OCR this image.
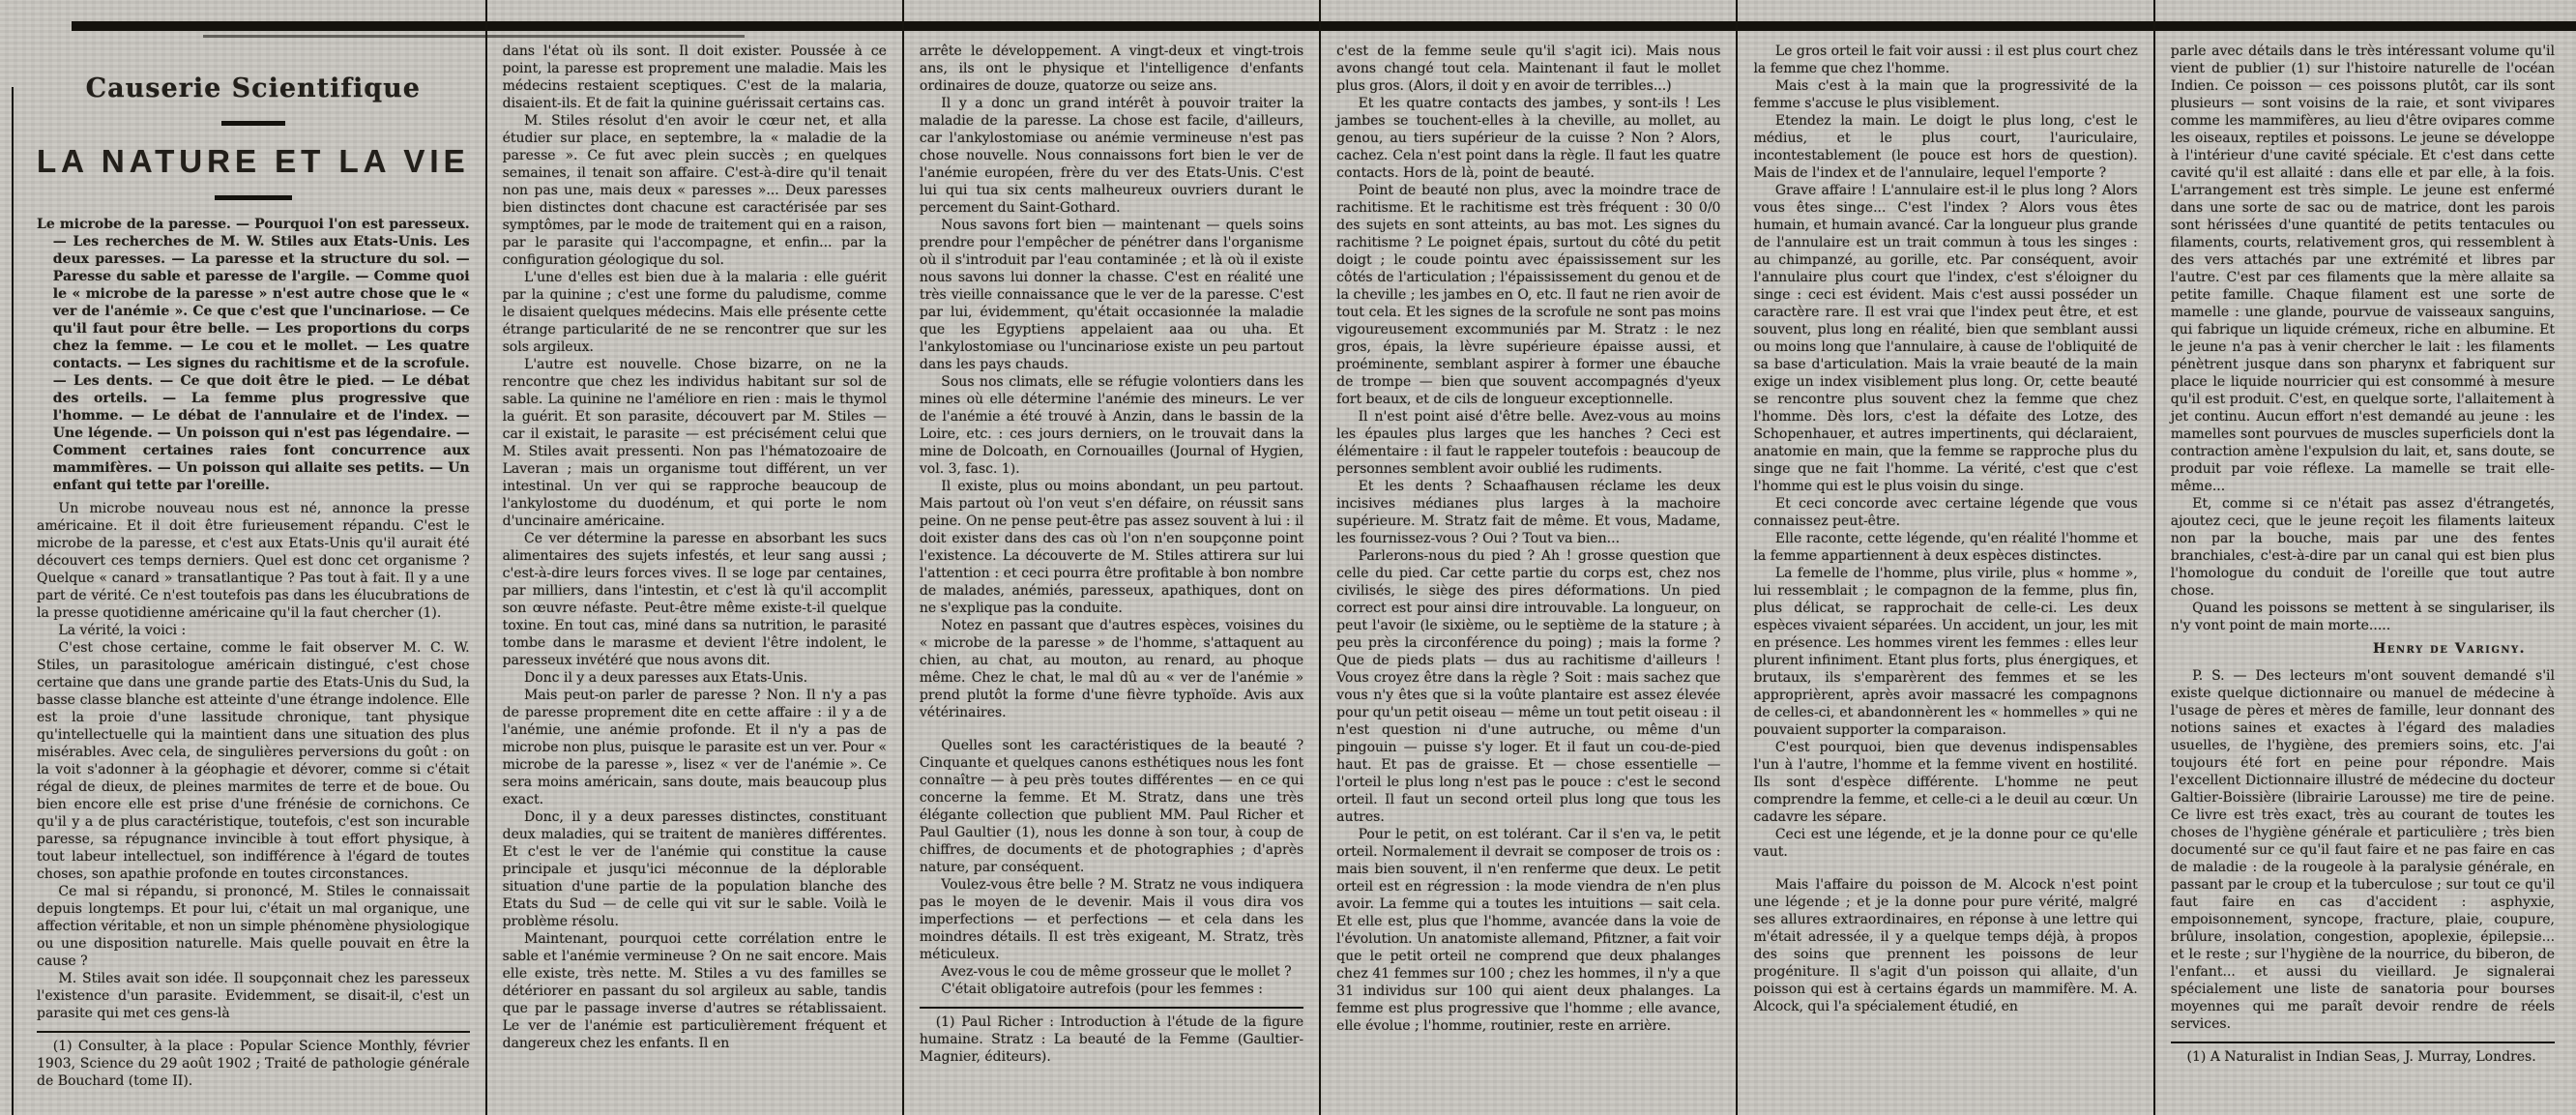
Causerie Scientifique
LA NATURE ET LA VIE

Le microbe de la paresse. — Pourquoi l'on est paresseux. — Les recherches de M. W. Stiles aux Etats-Unis. Les deux paresses. — La paresse et la structure du sol. — Paresse du sable et paresse de l'argile. — Comme quoi le « microbe de la paresse » n'est autre chose que le « ver de l'anémie ». Ce que c'est que l'uncinariose. — Ce qu'il faut pour être belle. — Les proportions du corps chez la femme. — Le cou et le mollet. — Les quatre contacts. — Les signes du rachitisme et de la scrofule. — Les dents. — Ce que doit être le pied. — Le débat des orteils. — La femme plus progressive que l'homme. — Le débat de l'annulaire et de l'index. — Une légende. — Un poisson qui n'est pas légendaire. — Comment certaines raies font concurrence aux mammifères. — Un poisson qui allaite ses petits. — Un enfant qui tette par l'oreille.

Un microbe nouveau nous est né, annonce la presse américaine. Et il doit être furieusement répandu. C'est le microbe de la paresse, et c'est aux Etats-Unis qu'il aurait été découvert ces temps derniers. Quel est donc cet organisme ? Quelque « canard » transatlantique ? Pas tout à fait. Il y a une part de vérité. Ce n'est toutefois pas dans les élucubrations de la presse quotidienne américaine qu'il la faut chercher (1).

La vérité, la voici :

C'est chose certaine, comme le fait observer M. C. W. Stiles, un parasitologue américain distingué, c'est chose certaine que dans une grande partie des Etats-Unis du Sud, la basse classe blanche est atteinte d'une étrange indolence. Elle est la proie d'une lassitude chronique, tant physique qu'intellectuelle qui la maintient dans une situation des plus misérables. Avec cela, de singulières perversions du goût : on la voit s'adonner à la géophagie et dévorer, comme si c'était régal de dieux, de pleines marmites de terre et de boue. Ou bien encore elle est prise d'une frénésie de cornichons. Ce qu'il y a de plus caractéristique, toutefois, c'est son incurable paresse, sa répugnance invincible à tout effort physique, à tout labeur intellectuel, son indifférence à l'égard de toutes choses, son apathie profonde en toutes circonstances.

Ce mal si répandu, si prononcé, M. Stiles le connaissait depuis longtemps. Et pour lui, c'était un mal organique, une affection véritable, et non un simple phénomène physiologique ou une disposition naturelle. Mais quelle pouvait en être la cause ?

M. Stiles avait son idée. Il soupçonnait chez les paresseux l'existence d'un parasite. Evidemment, se disait-il, c'est un parasite qui met ces gens-là

(1) Consulter, à la place : Popular Science Monthly, février 1903, Science du 29 août 1902 ; Traité de pathologie générale de Bouchard (tome II).

dans l'état où ils sont. Il doit exister. Poussée à ce point, la paresse est proprement une maladie. Mais les médecins restaient sceptiques. C'est de la malaria, disaient-ils. Et de fait la quinine guérissait certains cas.

M. Stiles résolut d'en avoir le cœur net, et alla étudier sur place, en septembre, la « maladie de la paresse ». Ce fut avec plein succès ; en quelques semaines, il tenait son affaire. C'est-à-dire qu'il tenait non pas une, mais deux « paresses »... Deux paresses bien distinctes dont chacune est caractérisée par ses symptômes, par le mode de traitement qui en a raison, par le parasite qui l'accompagne, et enfin... par la configuration géologique du sol.

L'une d'elles est bien due à la malaria : elle guérit par la quinine ; c'est une forme du paludisme, comme le disaient quelques médecins. Mais elle présente cette étrange particularité de ne se rencontrer que sur les sols argileux.

L'autre est nouvelle. Chose bizarre, on ne la rencontre que chez les individus habitant sur sol de sable. La quinine ne l'améliore en rien : mais le thymol la guérit. Et son parasite, découvert par M. Stiles — car il existait, le parasite — est précisément celui que M. Stiles avait pressenti. Non pas l'hématozoaire de Laveran ; mais un organisme tout différent, un ver intestinal. Un ver qui se rapproche beaucoup de l'ankylostome du duodénum, et qui porte le nom d'uncinaire américaine.

Ce ver détermine la paresse en absorbant les sucs alimentaires des sujets infestés, et leur sang aussi ; c'est-à-dire leurs forces vives. Il se loge par centaines, par milliers, dans l'intestin, et c'est là qu'il accomplit son œuvre néfaste. Peut-être même existe-t-il quelque toxine. En tout cas, miné dans sa nutrition, le parasité tombe dans le marasme et devient l'être indolent, le paresseux invétéré que nous avons dit.

Donc il y a deux paresses aux Etats-Unis.

Mais peut-on parler de paresse ? Non. Il n'y a pas de paresse proprement dite en cette affaire : il y a de l'anémie, une anémie profonde. Et il n'y a pas de microbe non plus, puisque le parasite est un ver. Pour « microbe de la paresse », lisez « ver de l'anémie ». Ce sera moins américain, sans doute, mais beaucoup plus exact.

Donc, il y a deux paresses distinctes, constituant deux maladies, qui se traitent de manières différentes. Et c'est le ver de l'anémie qui constitue la cause principale et jusqu'ici méconnue de la déplorable situation d'une partie de la population blanche des Etats du Sud — de celle qui vit sur le sable. Voilà le problème résolu.

Maintenant, pourquoi cette corrélation entre le sable et l'anémie vermineuse ? On ne sait encore. Mais elle existe, très nette. M. Stiles a vu des familles se détériorer en passant du sol argileux au sable, tandis que par le passage inverse d'autres se rétablissaient. Le ver de l'anémie est particulièrement fréquent et dangereux chez les enfants. Il en

arrête le développement. A vingt-deux et vingt-trois ans, ils ont le physique et l'intelligence d'enfants ordinaires de douze, quatorze ou seize ans.

Il y a donc un grand intérêt à pouvoir traiter la maladie de la paresse. La chose est facile, d'ailleurs, car l'ankylostomiase ou anémie vermineuse n'est pas chose nouvelle. Nous connaissons fort bien le ver de l'anémie européen, frère du ver des Etats-Unis. C'est lui qui tua six cents malheureux ouvriers durant le percement du Saint-Gothard.

Nous savons fort bien — maintenant — quels soins prendre pour l'empêcher de pénétrer dans l'organisme où il s'introduit par l'eau contaminée ; et là où il existe nous savons lui donner la chasse. C'est en réalité une très vieille connaissance que le ver de la paresse. C'est par lui, évidemment, qu'était occasionnée la maladie que les Egyptiens appelaient aaa ou uha. Et l'ankylostomiase ou l'uncinariose existe un peu partout dans les pays chauds.

Sous nos climats, elle se réfugie volontiers dans les mines où elle détermine l'anémie des mineurs. Le ver de l'anémie a été trouvé à Anzin, dans le bassin de la Loire, etc. : ces jours derniers, on le trouvait dans la mine de Dolcoath, en Cornouailles (Journal of Hygien, vol. 3, fasc. 1).

Il existe, plus ou moins abondant, un peu partout. Mais partout où l'on veut s'en défaire, on réussit sans peine. On ne pense peut-être pas assez souvent à lui : il doit exister dans des cas où l'on n'en soupçonne point l'existence. La découverte de M. Stiles attirera sur lui l'attention : et ceci pourra être profitable à bon nombre de malades, anémiés, paresseux, apathiques, dont on ne s'explique pas la conduite.

Notez en passant que d'autres espèces, voisines du « microbe de la paresse » de l'homme, s'attaquent au chien, au chat, au mouton, au renard, au phoque même. Chez le chat, le mal dû au « ver de l'anémie » prend plutôt la forme d'une fièvre typhoïde. Avis aux vétérinaires.

Quelles sont les caractéristiques de la beauté ? Cinquante et quelques canons esthétiques nous les font connaître — à peu près toutes différentes — en ce qui concerne la femme. Et M. Stratz, dans une très élégante collection que publient MM. Paul Richer et Paul Gaultier (1), nous les donne à son tour, à coup de chiffres, de documents et de photographies ; d'après nature, par conséquent.

Voulez-vous être belle ? M. Stratz ne vous indiquera pas le moyen de le devenir. Mais il vous dira vos imperfections — et perfections — et cela dans les moindres détails. Il est très exigeant, M. Stratz, très méticuleux.

Avez-vous le cou de même grosseur que le mollet ?

C'était obligatoire autrefois (pour les femmes :

(1) Paul Richer : Introduction à l'étude de la figure humaine. Stratz : La beauté de la Femme (Gaultier-Magnier, éditeurs).

c'est de la femme seule qu'il s'agit ici). Mais nous avons changé tout cela. Maintenant il faut le mollet plus gros. (Alors, il doit y en avoir de terribles...)

Et les quatre contacts des jambes, y sont-ils ! Les jambes se touchent-elles à la cheville, au mollet, au genou, au tiers supérieur de la cuisse ? Non ? Alors, cachez. Cela n'est point dans la règle. Il faut les quatre contacts. Hors de là, point de beauté.

Point de beauté non plus, avec la moindre trace de rachitisme. Et le rachitisme est très fréquent : 30 0/0 des sujets en sont atteints, au bas mot. Les signes du rachitisme ? Le poignet épais, surtout du côté du petit doigt ; le coude pointu avec épaississement sur les côtés de l'articulation ; l'épaississement du genou et de la cheville ; les jambes en O, etc. Il faut ne rien avoir de tout cela. Et les signes de la scrofule ne sont pas moins vigoureusement excommuniés par M. Stratz : le nez gros, épais, la lèvre supérieure épaisse aussi, et proéminente, semblant aspirer à former une ébauche de trompe — bien que souvent accompagnés d'yeux fort beaux, et de cils de longueur exceptionnelle.

Il n'est point aisé d'être belle. Avez-vous au moins les épaules plus larges que les hanches ? Ceci est élémentaire : il faut le rappeler toutefois : beaucoup de personnes semblent avoir oublié les rudiments.

Et les dents ? Schaafhausen réclame les deux incisives médianes plus larges à la machoire supérieure. M. Stratz fait de même. Et vous, Madame, les fournissez-vous ? Oui ? Tout va bien...

Parlerons-nous du pied ? Ah ! grosse question que celle du pied. Car cette partie du corps est, chez nos civilisés, le siège des pires déformations. Un pied correct est pour ainsi dire introuvable. La longueur, on peut l'avoir (le sixième, ou le septième de la stature ; à peu près la circonférence du poing) ; mais la forme ? Que de pieds plats — dus au rachitisme d'ailleurs ! Vous croyez être dans la règle ? Soit : mais sachez que vous n'y êtes que si la voûte plantaire est assez élevée pour qu'un petit oiseau — même un tout petit oiseau : il n'est question ni d'une autruche, ou même d'un pingouin — puisse s'y loger. Et il faut un cou-de-pied haut. Et pas de graisse. Et — chose essentielle — l'orteil le plus long n'est pas le pouce : c'est le second orteil. Il faut un second orteil plus long que tous les autres.

Pour le petit, on est tolérant. Car il s'en va, le petit orteil. Normalement il devrait se composer de trois os : mais bien souvent, il n'en renferme que deux. Le petit orteil est en régression : la mode viendra de n'en plus avoir. La femme qui a toutes les intuitions — sait cela. Et elle est, plus que l'homme, avancée dans la voie de l'évolution. Un anatomiste allemand, Pfitzner, a fait voir que le petit orteil ne comprend que deux phalanges chez 41 femmes sur 100 ; chez les hommes, il n'y a que 31 individus sur 100 qui aient deux phalanges. La femme est plus progressive que l'homme ; elle avance, elle évolue ; l'homme, routinier, reste en arrière.

Le gros orteil le fait voir aussi : il est plus court chez la femme que chez l'homme.

Mais c'est à la main que la progressivité de la femme s'accuse le plus visiblement.

Etendez la main. Le doigt le plus long, c'est le médius, et le plus court, l'auriculaire, incontestablement (le pouce est hors de question). Mais de l'index et de l'annulaire, lequel l'emporte ?

Grave affaire ! L'annulaire est-il le plus long ? Alors vous êtes singe... C'est l'index ? Alors vous êtes humain, et humain avancé. Car la longueur plus grande de l'annulaire est un trait commun à tous les singes : au chimpanzé, au gorille, etc. Par conséquent, avoir l'annulaire plus court que l'index, c'est s'éloigner du singe : ceci est évident. Mais c'est aussi posséder un caractère rare. Il est vrai que l'index peut être, et est souvent, plus long en réalité, bien que semblant aussi ou moins long que l'annulaire, à cause de l'obliquité de sa base d'articulation. Mais la vraie beauté de la main exige un index visiblement plus long. Or, cette beauté se rencontre plus souvent chez la femme que chez l'homme. Dès lors, c'est la défaite des Lotze, des Schopenhauer, et autres impertinents, qui déclaraient, anatomie en main, que la femme se rapproche plus du singe que ne fait l'homme. La vérité, c'est que c'est l'homme qui est le plus voisin du singe.

Et ceci concorde avec certaine légende que vous connaissez peut-être.

Elle raconte, cette légende, qu'en réalité l'homme et la femme appartiennent à deux espèces distinctes.

La femelle de l'homme, plus virile, plus « homme », lui ressemblait ; le compagnon de la femme, plus fin, plus délicat, se rapprochait de celle-ci. Les deux espèces vivaient séparées. Un accident, un jour, les mit en présence. Les hommes virent les femmes : elles leur plurent infiniment. Etant plus forts, plus énergiques, et brutaux, ils s'emparèrent des femmes et se les approprièrent, après avoir massacré les compagnons de celles-ci, et abandonnèrent les « hommelles » qui ne pouvaient supporter la comparaison.

C'est pourquoi, bien que devenus indispensables l'un à l'autre, l'homme et la femme vivent en hostilité. Ils sont d'espèce différente. L'homme ne peut comprendre la femme, et celle-ci a le deuil au cœur. Un cadavre les sépare.

Ceci est une légende, et je la donne pour ce qu'elle vaut.

Mais l'affaire du poisson de M. Alcock n'est point une légende ; et je la donne pour pure vérité, malgré ses allures extraordinaires, en réponse à une lettre qui m'était adressée, il y a quelque temps déjà, à propos des soins que prennent les poissons de leur progéniture. Il s'agit d'un poisson qui allaite, d'un poisson qui est à certains égards un mammifère. M. A. Alcock, qui l'a spécialement étudié, en

parle avec détails dans le très intéressant volume qu'il vient de publier (1) sur l'histoire naturelle de l'océan Indien. Ce poisson — ces poissons plutôt, car ils sont plusieurs — sont voisins de la raie, et sont vivipares comme les mammifères, au lieu d'être ovipares comme les oiseaux, reptiles et poissons. Le jeune se développe à l'intérieur d'une cavité spéciale. Et c'est dans cette cavité qu'il est allaité : dans elle et par elle, à la fois. L'arrangement est très simple. Le jeune est enfermé dans une sorte de sac ou de matrice, dont les parois sont hérissées d'une quantité de petits tentacules ou filaments, courts, relativement gros, qui ressemblent à des vers attachés par une extrémité et libres par l'autre. C'est par ces filaments que la mère allaite sa petite famille. Chaque filament est une sorte de mamelle : une glande, pourvue de vaisseaux sanguins, qui fabrique un liquide crémeux, riche en albumine. Et le jeune n'a pas à venir chercher le lait : les filaments pénètrent jusque dans son pharynx et fabriquent sur place le liquide nourricier qui est consommé à mesure qu'il est produit. C'est, en quelque sorte, l'allaitement à jet continu. Aucun effort n'est demandé au jeune : les mamelles sont pourvues de muscles superficiels dont la contraction amène l'expulsion du lait, et, sans doute, se produit par voie réflexe. La mamelle se trait elle-même...

Et, comme si ce n'était pas assez d'étrangetés, ajoutez ceci, que le jeune reçoit les filaments laiteux non par la bouche, mais par une des fentes branchiales, c'est-à-dire par un canal qui est bien plus l'homologue du conduit de l'oreille que tout autre chose.

Quand les poissons se mettent à se singulariser, ils n'y vont point de main morte.....

Henry de Varigny.

P. S. — Des lecteurs m'ont souvent demandé s'il existe quelque dictionnaire ou manuel de médecine à l'usage de pères et mères de famille, leur donnant des notions saines et exactes à l'égard des maladies usuelles, de l'hygiène, des premiers soins, etc. J'ai toujours été fort en peine pour répondre. Mais l'excellent Dictionnaire illustré de médecine du docteur Galtier-Boissière (librairie Larousse) me tire de peine. Ce livre est très exact, très au courant de toutes les choses de l'hygiène générale et particulière ; très bien documenté sur ce qu'il faut faire et ne pas faire en cas de maladie : de la rougeole à la paralysie générale, en passant par le croup et la tuberculose ; sur tout ce qu'il faut faire en cas d'accident : asphyxie, empoisonnement, syncope, fracture, plaie, coupure, brûlure, insolation, congestion, apoplexie, épilepsie... et le reste ; sur l'hygiène de la nourrice, du biberon, de l'enfant... et aussi du vieillard. Je signalerai spécialement une liste de sanatoria pour bourses moyennes qui me paraît devoir rendre de réels services.

(1) A Naturalist in Indian Seas, J. Murray, Londres.
